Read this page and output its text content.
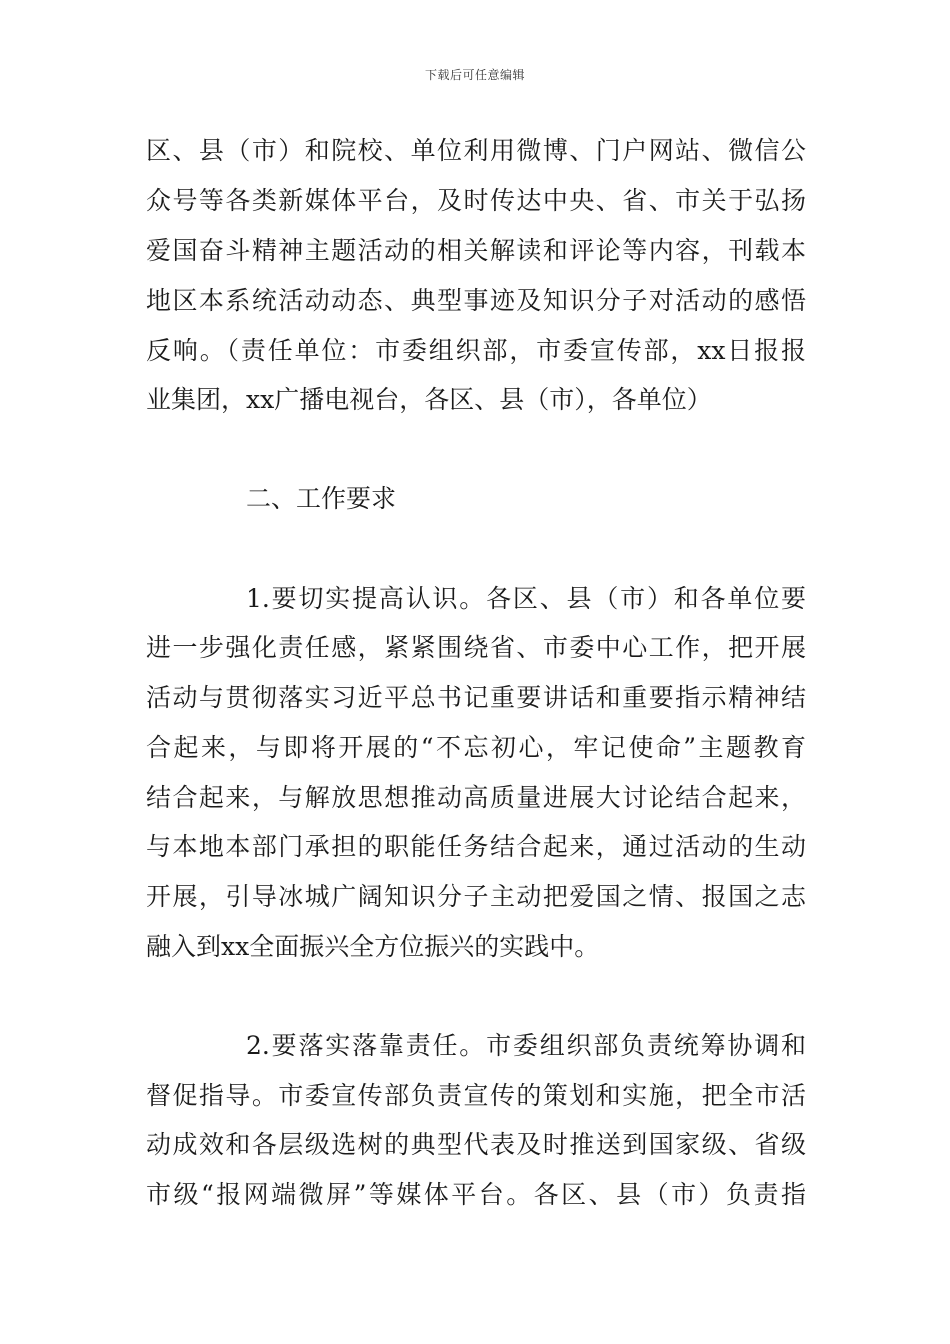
下载后可任意编辑
区、县（市）和院校、单位利用微博、门户网站、微信公
众号等各类新媒体平台，及时传达中央、省、市关于弘扬
爱国奋斗精神主题活动的相关解读和评论等内容，刊载本
地区本系统活动动态、典型事迹及知识分子对活动的感悟
反响。（责任单位：市委组织部，市委宣传部，xx日报报
业集团，xx广播电视台，各区、县（市），各单位）
二、工作要求
1.要切实提高认识。各区、县（市）和各单位要
进一步强化责任感，紧紧围绕省、市委中心工作，把开展
活动与贯彻落实习近平总书记重要讲话和重要指示精神结
合起来，与即将开展的“不忘初心，牢记使命”主题教育
结合起来，与解放思想推动高质量进展大讨论结合起来，
与本地本部门承担的职能任务结合起来，通过活动的生动
开展，引导冰城广阔知识分子主动把爱国之情、报国之志
融入到xx全面振兴全方位振兴的实践中。
2.要落实落靠责任。市委组织部负责统筹协调和
督促指导。市委宣传部负责宣传的策划和实施，把全市活
动成效和各层级选树的典型代表及时推送到国家级、省级
市级“报网端微屏”等媒体平台。各区、县（市）负责指
